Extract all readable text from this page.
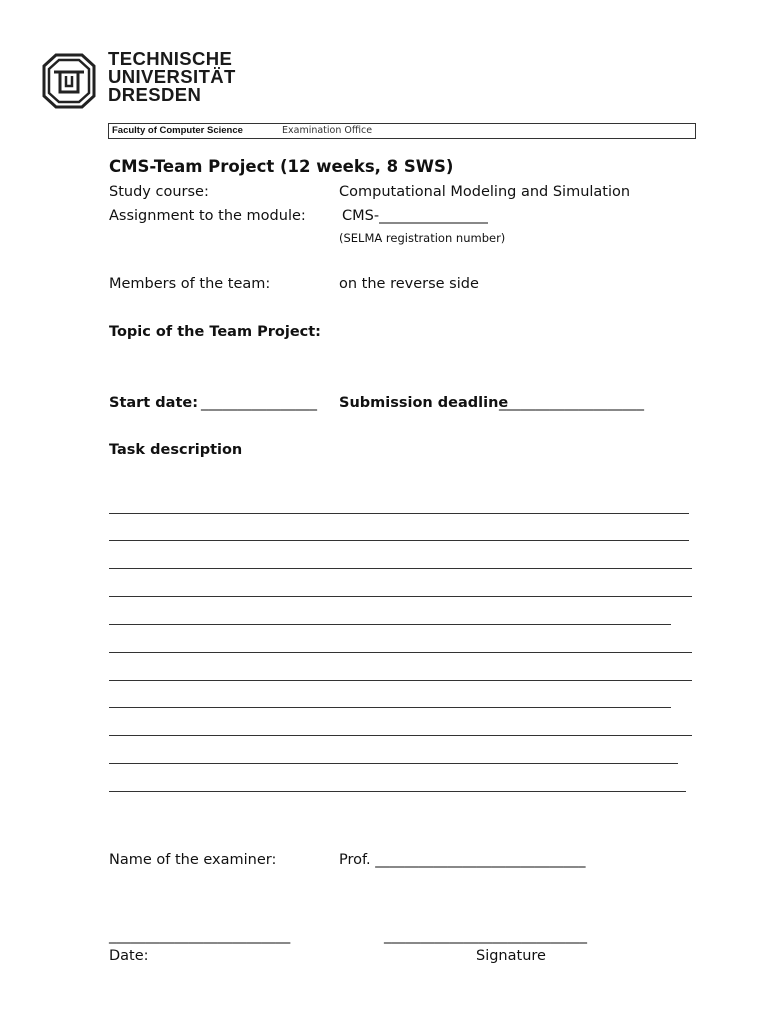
TECHNISCHE
UNIVERSITÄT
DRESDEN
Faculty of Computer Science	Examination Office
CMS-Team Project (12 weeks, 8 SWS)
Study course:	Computational Modeling and Simulation
Assignment to the module: CMS-_______________
(SELMA registration number)
Members of the team:	on the reverse side
Topic of the Team Project:
Start date: ________________ Submission deadline
____________________
Task description
Name of the examiner:	Prof. _____________________________
_________________________	____________________________
Date:	Signature
